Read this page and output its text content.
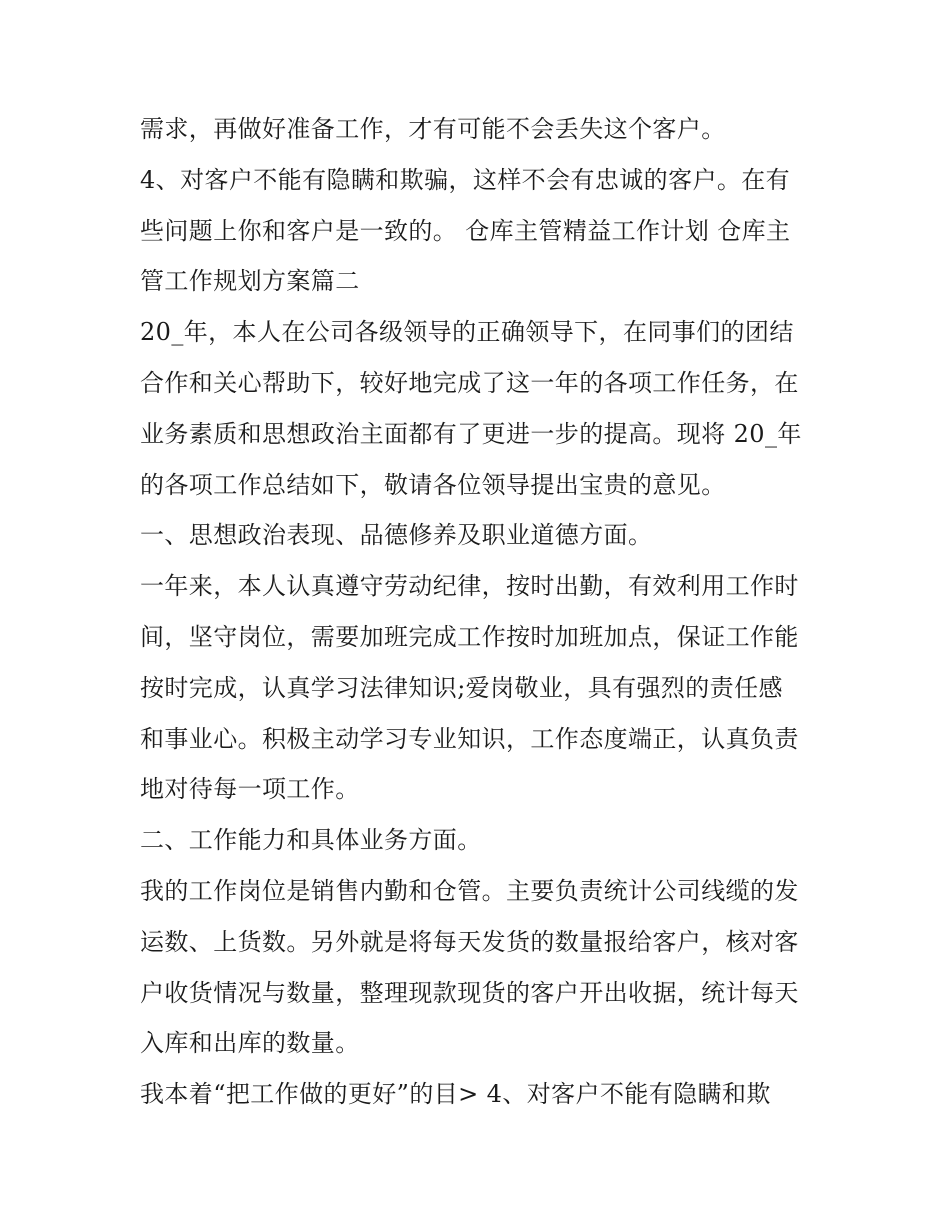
需求，再做好准备工作，才有可能不会丢失这个客户。
4、对客户不能有隐瞒和欺骗，这样不会有忠诚的客户。在有
些问题上你和客户是一致的。 仓库主管精益工作计划 仓库主
管工作规划方案篇二
20_年，本人在公司各级领导的正确领导下，在同事们的团结
合作和关心帮助下，较好地完成了这一年的各项工作任务，在
业务素质和思想政治主面都有了更进一步的提高。现将 20_年
的各项工作总结如下，敬请各位领导提出宝贵的意见。
一、思想政治表现、品德修养及职业道德方面。
一年来，本人认真遵守劳动纪律，按时出勤，有效利用工作时
间，坚守岗位，需要加班完成工作按时加班加点，保证工作能
按时完成，认真学习法律知识;爱岗敬业，具有强烈的责任感
和事业心。积极主动学习专业知识，工作态度端正，认真负责
地对待每一项工作。
二、工作能力和具体业务方面。
我的工作岗位是销售内勤和仓管。主要负责统计公司线缆的发
运数、上货数。另外就是将每天发货的数量报给客户，核对客
户收货情况与数量，整理现款现货的客户开出收据，统计每天
入库和出库的数量。
我本着“把工作做的更好”的目> 4、对客户不能有隐瞒和欺
